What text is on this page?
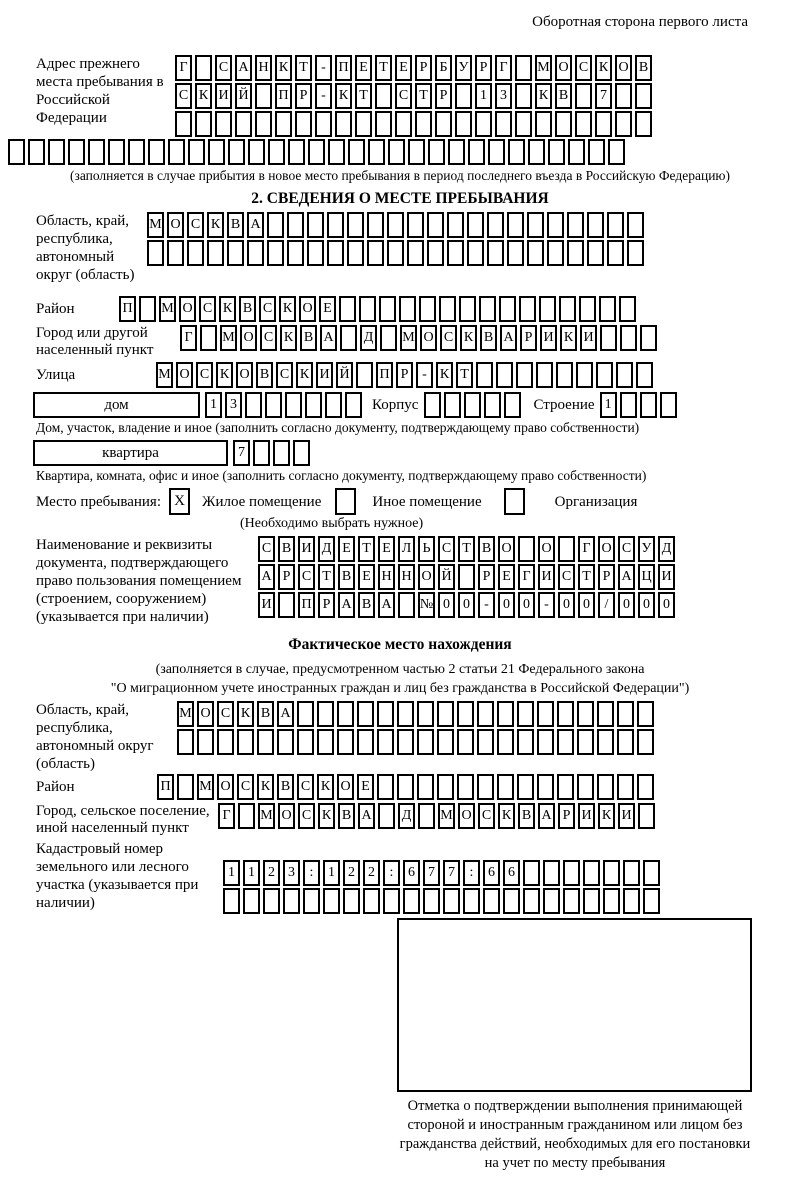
Оборотная сторона первого листа
Адрес прежнего места пребывания в Российской Федерации
Г	С А Н К Т - П Е Т Е Р Б У Р Г	М О С К О В
С К И Й П Р - К Т	С Т Р	1 3	К В	7
(заполняется в случае прибытия в новое место пребывания в период последнего въезда в Российскую Федерацию)
2. СВЕДЕНИЯ О МЕСТЕ ПРЕБЫВАНИЯ
Область, край, республика, автономный округ (область)
М О С К В А
Район	П М О С К В С К О Е
Город или другой населенный пункт
Г	М О С К В А Д М О С К В А Р И К И
Улица	М О С К О В С К И Й П Р - К Т
дом	1 3	Корпус	Строение 1
Дом, участок, владение и иное (заполнить согласно документу, подтверждающему право собственности)
квартира	7
Квартира, комната, офис и иное (заполнить согласно документу, подтверждающему право собственности)
Место пребывания: X	Жилое помещение	Иное помещение	Организация
(Необходимо выбрать нужное)
Наименование и реквизиты документа, подтверждающего право пользования помещением (строением, сооружением) (указывается при наличии)
С В И Д Е Т Е Л Ь С Т В О О	Г О С У Д
А Р С Т В Е Н Н О Й	Р Е Г И С Т Р А Ц И
И П Р А В А № 0 0	-	0 0	-	0 0	/	0 0 0
Фактическое место нахождения
(заполняется в случае, предусмотренном частью 2 статьи 21 Федерального закона
"О миграционном учете иностранных граждан и лиц без гражданства в Российской Федерации")
Область, край, республика, автономный округ (область)
М О С К В А
Район	П М О С К В С К О Е
Город, сельское поселение, иной населенный пункт
Г	М О С К В А Д М О С К В А Р И К И
Кадастровый номер земельного или лесного участка (указывается при наличии)
1 1 2 3	:	1 2 2	:	6 7 7	:	6 6
Отметка о подтверждении выполнения принимающей
стороной и иностранным гражданином или лицом без
гражданства действий, необходимых для его постановки
на учет по месту пребывания
